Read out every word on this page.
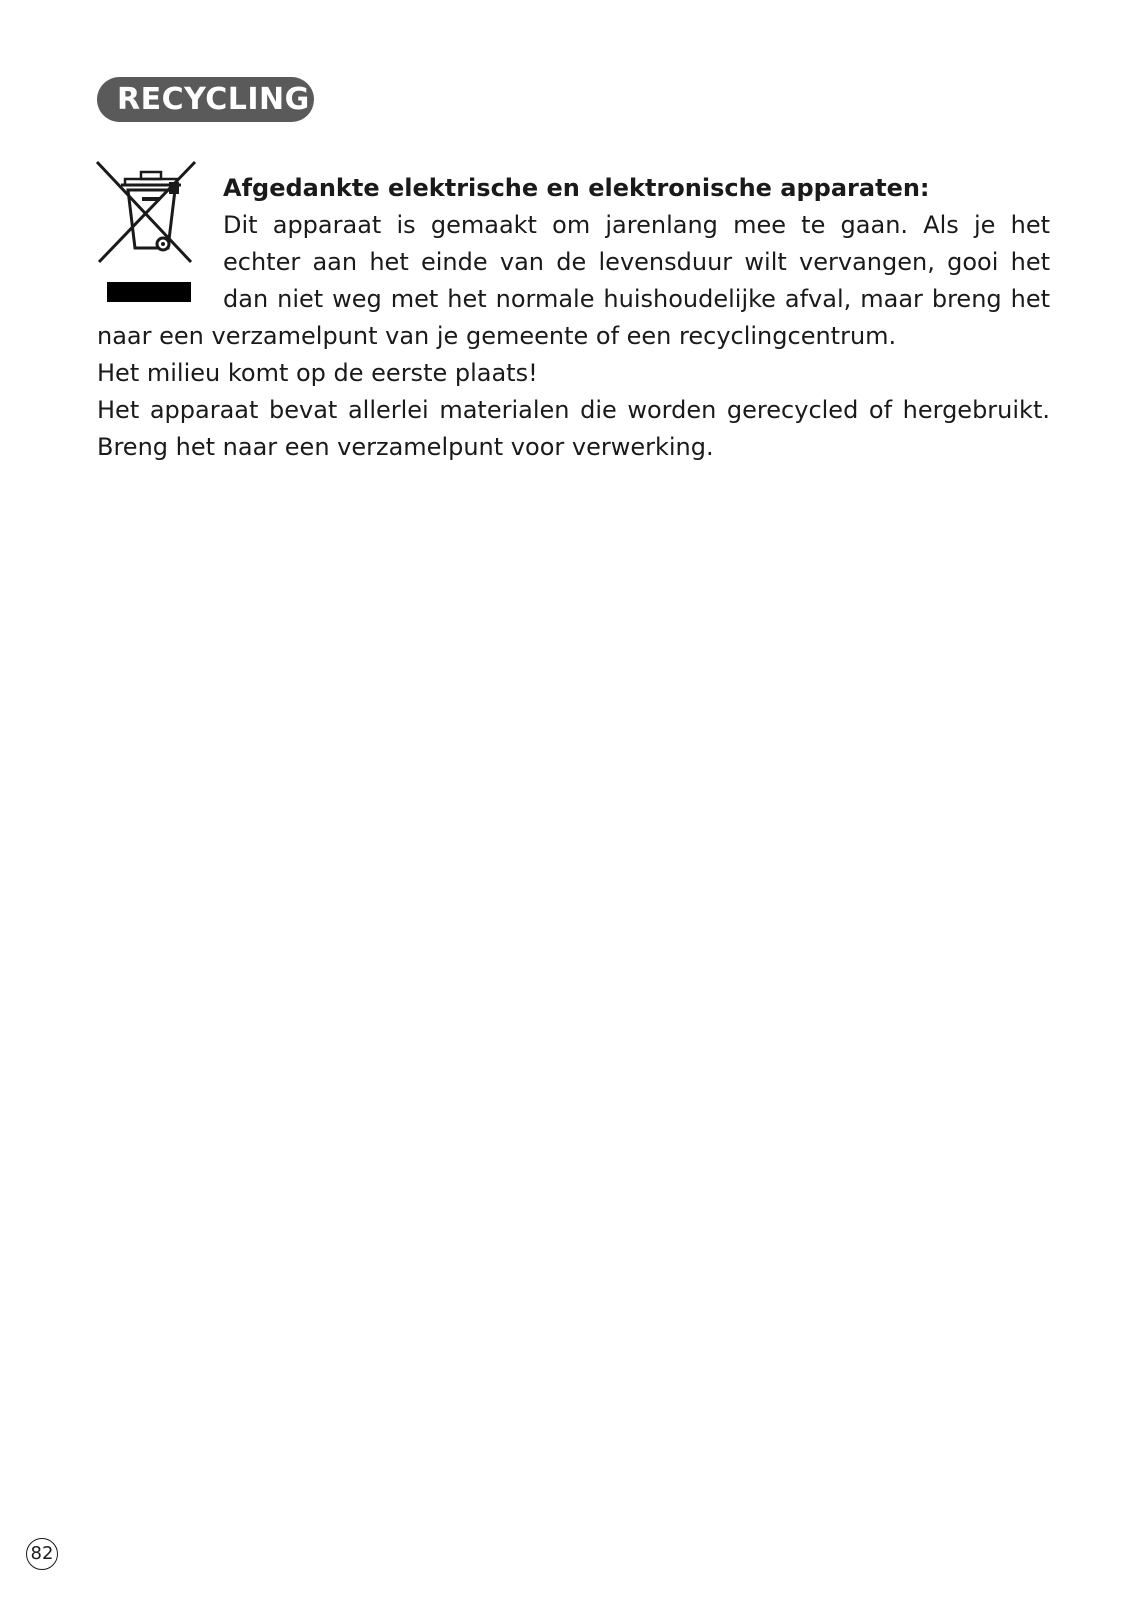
RECYCLING
Afgedankte elektrische en elektronische apparaten:
Dit apparaat is gemaakt om jarenlang mee te gaan. Als je het echter aan het einde van de levensduur wilt vervangen, gooi het dan niet weg met het normale huishoudelijke afval, maar breng het naar een verzamelpunt van je gemeente of een recyclingcentrum.
Het milieu komt op de eerste plaats!
Het apparaat bevat allerlei materialen die worden gerecycled of hergebruikt. Breng het naar een verzamelpunt voor verwerking.
82
